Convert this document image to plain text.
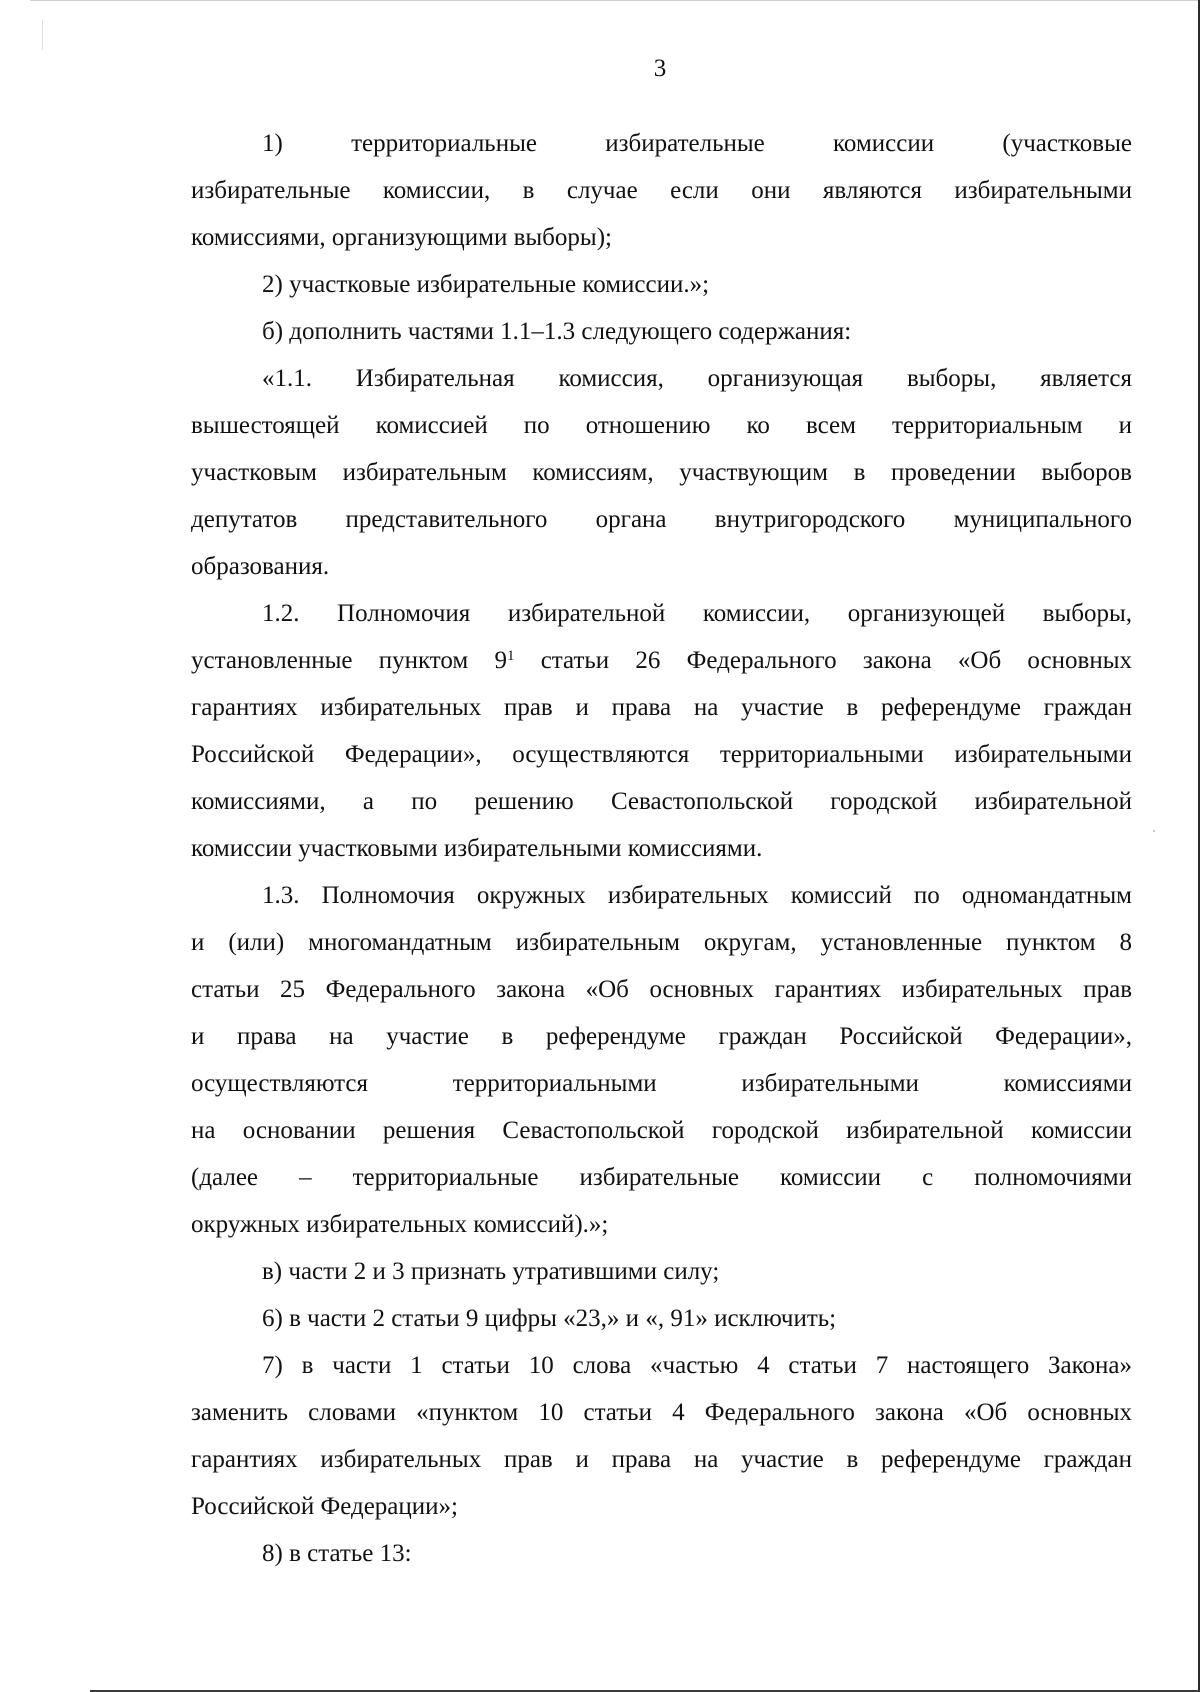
3
1) территориальные избирательные комиссии (участковые
избирательные комиссии, в случае если они являются избирательными
комиссиями, организующими выборы);
2) участковые избирательные комиссии.»;
б) дополнить частями 1.1–1.3 следующего содержания:
«1.1. Избирательная комиссия, организующая выборы, является
вышестоящей комиссией по отношению ко всем территориальным и
участковым избирательным комиссиям, участвующим в проведении выборов
депутатов представительного органа внутригородского муниципального
образования.
1.2. Полномочия избирательной комиссии, организующей выборы,
установленные пунктом $9^1$ статьи 26 Федерального закона «Об основных
гарантиях избирательных прав и права на участие в референдуме граждан
Российской Федерации», осуществляются территориальными избирательными
комиссиями, а по решению Севастопольской городской избирательной
комиссии участковыми избирательными комиссиями.
1.3. Полномочия окружных избирательных комиссий по одномандатным
и (или) многомандатным избирательным округам, установленные пунктом 8
статьи 25 Федерального закона «Об основных гарантиях избирательных прав
и права на участие в референдуме граждан Российской Федерации»,
осуществляются территориальными избирательными комиссиями
на основании решения Севастопольской городской избирательной комиссии
(далее – территориальные избирательные комиссии с полномочиями
окружных избирательных комиссий).»;
в) части 2 и 3 признать утратившими силу;
6) в части 2 статьи 9 цифры «23,» и «, 91» исключить;
7) в части 1 статьи 10 слова «частью 4 статьи 7 настоящего Закона»
заменить словами «пунктом 10 статьи 4 Федерального закона «Об основных
гарантиях избирательных прав и права на участие в референдуме граждан
Российской Федерации»;
8) в статье 13:
